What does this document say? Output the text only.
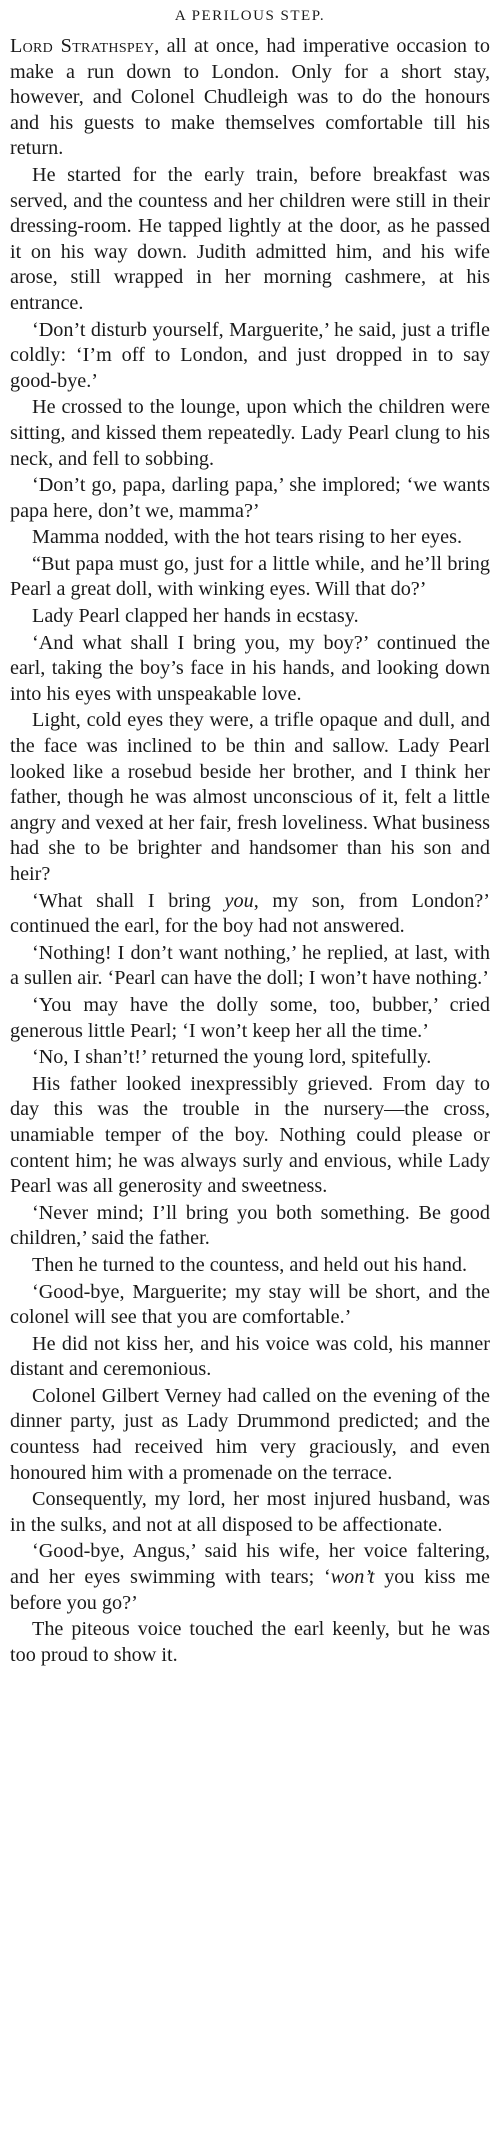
A PERILOUS STEP.

Lord Strathspey, all at once, had imperative occasion to make a run down to London. Only for a short stay, however, and Colonel Chudleigh was to do the honours and his guests to make themselves comfortable till his return.

He started for the early train, before breakfast was served, and the countess and her children were still in their dressing-room. He tapped lightly at the door, as he passed it on his way down. Judith admitted him, and his wife arose, still wrapped in her morning cashmere, at his entrance.

‘Don’t disturb yourself, Marguerite,’ he said, just a trifle coldly: ‘I’m off to London, and just dropped in to say good-bye.’

He crossed to the lounge, upon which the children were sitting, and kissed them repeatedly. Lady Pearl clung to his neck, and fell to sobbing.

‘Don’t go, papa, darling papa,’ she implored; ‘we wants papa here, don’t we, mamma?’

Mamma nodded, with the hot tears rising to her eyes.

“But papa must go, just for a little while, and he’ll bring Pearl a great doll, with winking eyes. Will that do?’

Lady Pearl clapped her hands in ecstasy.

‘And what shall I bring you, my boy?’ continued the earl, taking the boy’s face in his hands, and looking down into his eyes with unspeakable love.

Light, cold eyes they were, a trifle opaque and dull, and the face was inclined to be thin and sallow. Lady Pearl looked like a rosebud beside her brother, and I think her father, though he was almost unconscious of it, felt a little angry and vexed at her fair, fresh loveliness. What business had she to be brighter and handsomer than his son and heir?

‘What shall I bring you, my son, from London?’ continued the earl, for the boy had not answered.

‘Nothing! I don’t want nothing,’ he replied, at last, with a sullen air. ‘Pearl can have the doll; I won’t have nothing.’

‘You may have the dolly some, too, bubber,’ cried generous little Pearl; ‘I won’t keep her all the time.’

‘No, I shan’t!’ returned the young lord, spitefully.

His father looked inexpressibly grieved. From day to day this was the trouble in the nursery—the cross, unamiable temper of the boy. Nothing could please or content him; he was always surly and envious, while Lady Pearl was all generosity and sweetness.

‘Never mind; I’ll bring you both something. Be good children,’ said the father.

Then he turned to the countess, and held out his hand.

‘Good-bye, Marguerite; my stay will be short, and the colonel will see that you are comfortable.’

He did not kiss her, and his voice was cold, his manner distant and ceremonious.

Colonel Gilbert Verney had called on the evening of the dinner party, just as Lady Drummond predicted; and the countess had received him very graciously, and even honoured him with a promenade on the terrace.

Consequently, my lord, her most injured husband, was in the sulks, and not at all disposed to be affectionate.

‘Good-bye, Angus,’ said his wife, her voice faltering, and her eyes swimming with tears; ‘won’t you kiss me before you go?’

The piteous voice touched the earl keenly, but he was too proud to show it.
